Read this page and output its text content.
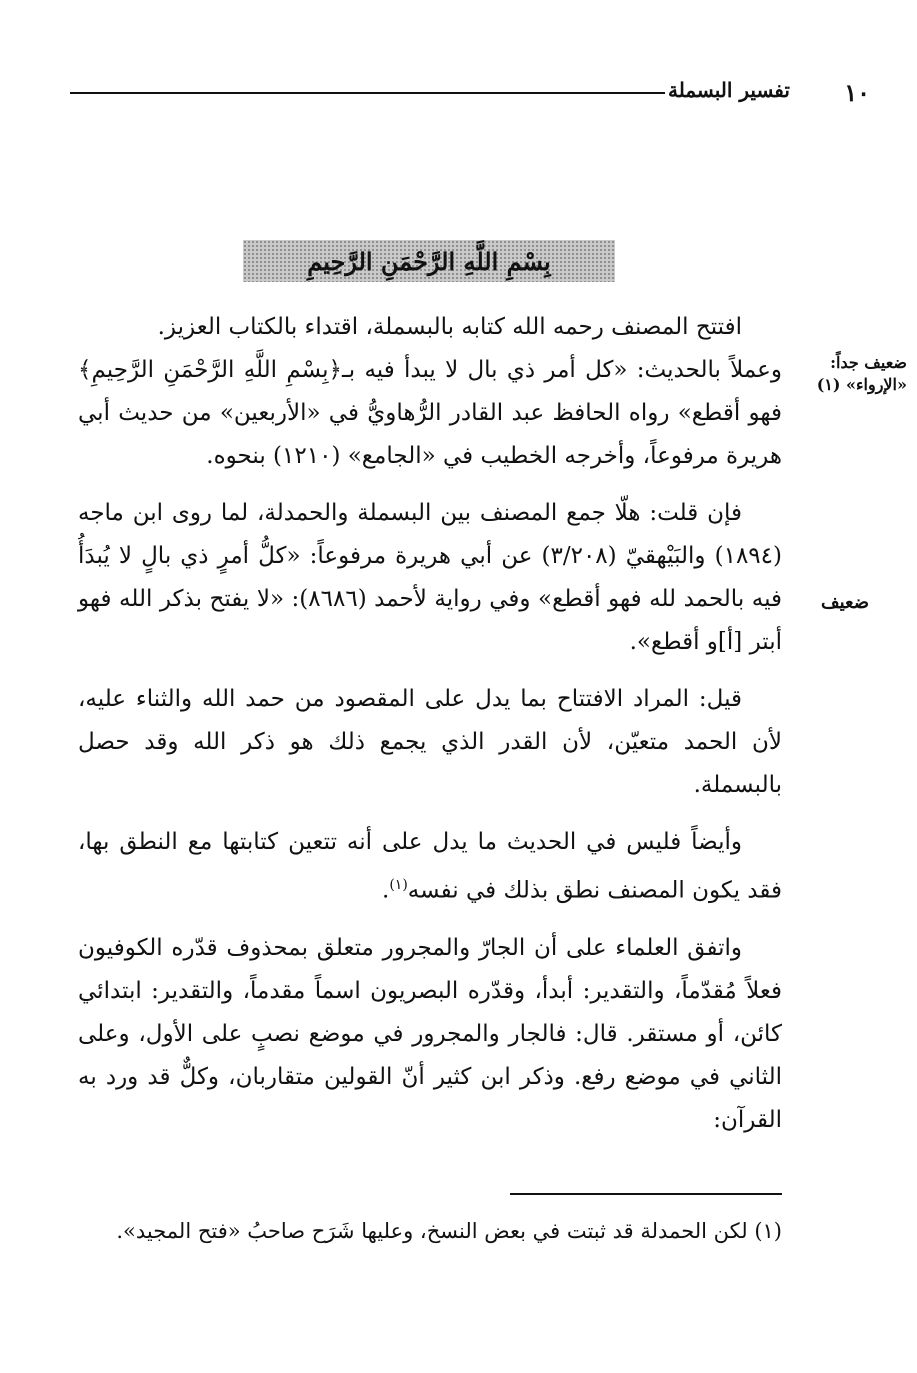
١٠
تفسير البسملة
بِسْمِ اللَّهِ الرَّحْمَنِ الرَّحِيمِ
ضعيف جداً:
«الإرواء» (١)
ضعيف

افتتح المصنف رحمه الله كتابه بالبسملة، اقتداء بالكتاب العزيز.

وعملاً بالحديث: «كل أمر ذي بال لا يبدأ فيه بـ﴿بِسْمِ اللَّهِ الرَّحْمَنِ الرَّحِيمِ﴾ فهو أقطع» رواه الحافظ عبد القادر الرُّهاويُّ في «الأربعين» من حديث أبي هريرة مرفوعاً، وأخرجه الخطيب في «الجامع» (١٢١٠) بنحوه.

فإن قلت: هلّا جمع المصنف بين البسملة والحمدلة، لما روى ابن ماجه (١٨٩٤) والبَيْهقيّ (٣/٢٠٨) عن أبي هريرة مرفوعاً: «كلُّ أمرٍ ذي بالٍ لا يُبدَأُ فيه بالحمد لله فهو أقطع» وفي رواية لأحمد (٨٦٨٦): «لا يفتح بذكر الله فهو أبتر [أ]و أقطع».

قيل: المراد الافتتاح بما يدل على المقصود من حمد الله والثناء عليه، لأن الحمد متعيّن، لأن القدر الذي يجمع ذلك هو ذكر الله وقد حصل بالبسملة.

وأيضاً فليس في الحديث ما يدل على أنه تتعين كتابتها مع النطق بها، فقد يكون المصنف نطق بذلك في نفسه$^{(١)}$.

واتفق العلماء على أن الجارّ والمجرور متعلق بمحذوف قدّره الكوفيون فعلاً مُقدّماً، والتقدير: أبدأ، وقدّره البصريون اسماً مقدماً، والتقدير: ابتدائي كائن، أو مستقر. قال: فالجار والمجرور في موضع نصبٍ على الأول، وعلى الثاني في موضع رفع. وذكر ابن كثير أنّ القولين متقاربان، وكلٌّ قد ورد به القرآن:

(١) لكن الحمدلة قد ثبتت في بعض النسخ، وعليها شَرَح صاحبُ «فتح المجيد».
